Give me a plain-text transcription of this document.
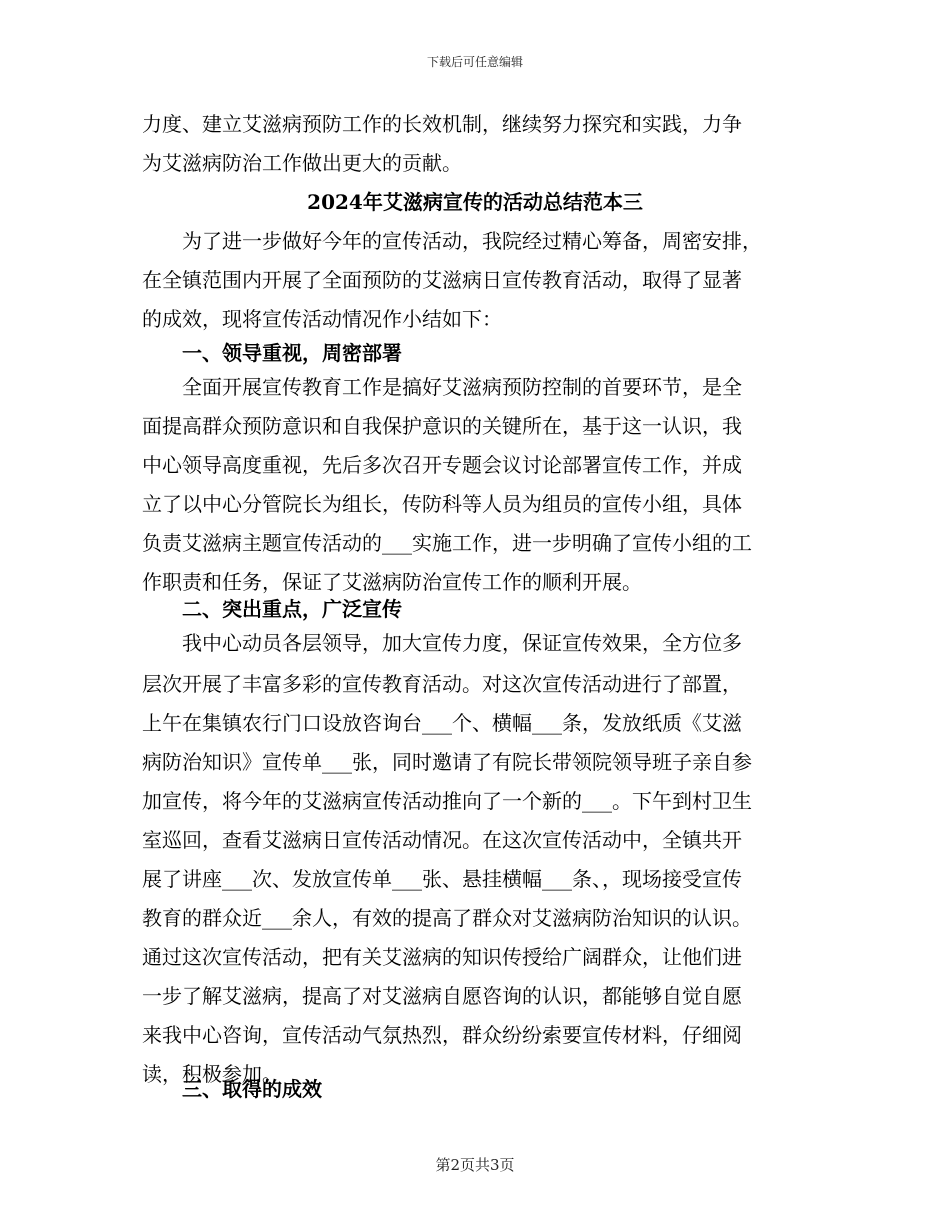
下载后可任意编辑
力度、建立艾滋病预防工作的长效机制，继续努力探究和实践，力争
为艾滋病防治工作做出更大的贡献。
2024年艾滋病宣传的活动总结范本三
为了进一步做好今年的宣传活动，我院经过精心筹备，周密安排，
在全镇范围内开展了全面预防的艾滋病日宣传教育活动，取得了显著
的成效，现将宣传活动情况作小结如下：
一、领导重视，周密部署
全面开展宣传教育工作是搞好艾滋病预防控制的首要环节，是全
面提高群众预防意识和自我保护意识的关键所在，基于这一认识，我
中心领导高度重视，先后多次召开专题会议讨论部署宣传工作，并成
立了以中心分管院长为组长，传防科等人员为组员的宣传小组，具体
负责艾滋病主题宣传活动的___实施工作，进一步明确了宣传小组的工
作职责和任务，保证了艾滋病防治宣传工作的顺利开展。
二、突出重点，广泛宣传
我中心动员各层领导，加大宣传力度，保证宣传效果，全方位多
层次开展了丰富多彩的宣传教育活动。对这次宣传活动进行了部置，
上午在集镇农行门口设放咨询台___个、横幅___条，发放纸质《艾滋
病防治知识》宣传单___张，同时邀请了有院长带领院领导班子亲自参
加宣传，将今年的艾滋病宣传活动推向了一个新的___。下午到村卫生
室巡回，查看艾滋病日宣传活动情况。在这次宣传活动中，全镇共开
展了讲座___次、发放宣传单___张、悬挂横幅___条、，现场接受宣传
教育的群众近___余人，有效的提高了群众对艾滋病防治知识的认识。
通过这次宣传活动，把有关艾滋病的知识传授给广阔群众，让他们进
一步了解艾滋病，提高了对艾滋病自愿咨询的认识，都能够自觉自愿
来我中心咨询，宣传活动气氛热烈，群众纷纷索要宣传材料，仔细阅
读，积极参加。
三、取得的成效
第2页共3页
